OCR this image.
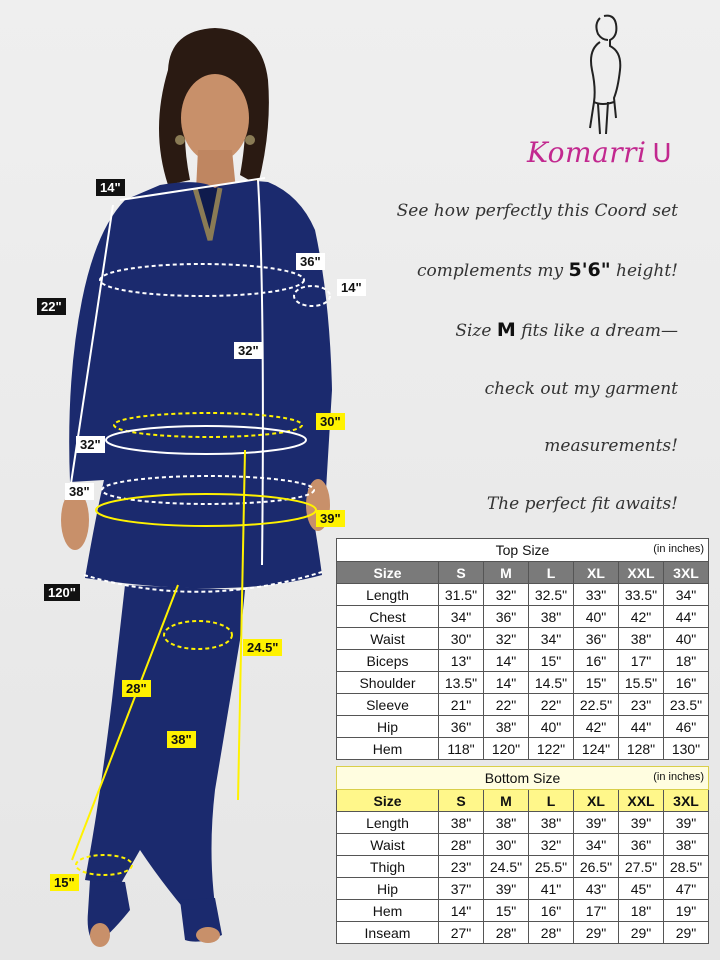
14"
22"
36"
14"
32"
30"
32"
38"
39"
120"
24.5"
28"
38"
15"
Komarri U
See how perfectly this Coord set
complements my 5'6" height!
Size M fits like a dream—
check out my garment
measurements!
The perfect fit awaits!
Top Size (in inches)						

Size	S	M	L	XL	XXL	3XL
Length	31.5"	32"	32.5"	33"	33.5"	34"
Chest	34"	36"	38"	40"	42"	44"
Waist	30"	32"	34"	36"	38"	40"
Biceps	13"	14"	15"	16"	17"	18"
Shoulder	13.5"	14"	14.5"	15"	15.5"	16"
Sleeve	21"	22"	22"	22.5"	23"	23.5"
Hip	36"	38"	40"	42"	44"	46"
Hem	118"	120"	122"	124"	128"	130"
Bottom Size (in inches)						

Size	S	M	L	XL	XXL	3XL
Length	38"	38"	38"	39"	39"	39"
Waist	28"	30"	32"	34"	36"	38"
Thigh	23"	24.5"	25.5"	26.5"	27.5"	28.5"
Hip	37"	39"	41"	43"	45"	47"
Hem	14"	15"	16"	17"	18"	19"
Inseam	27"	28"	28"	29"	29"	29"
